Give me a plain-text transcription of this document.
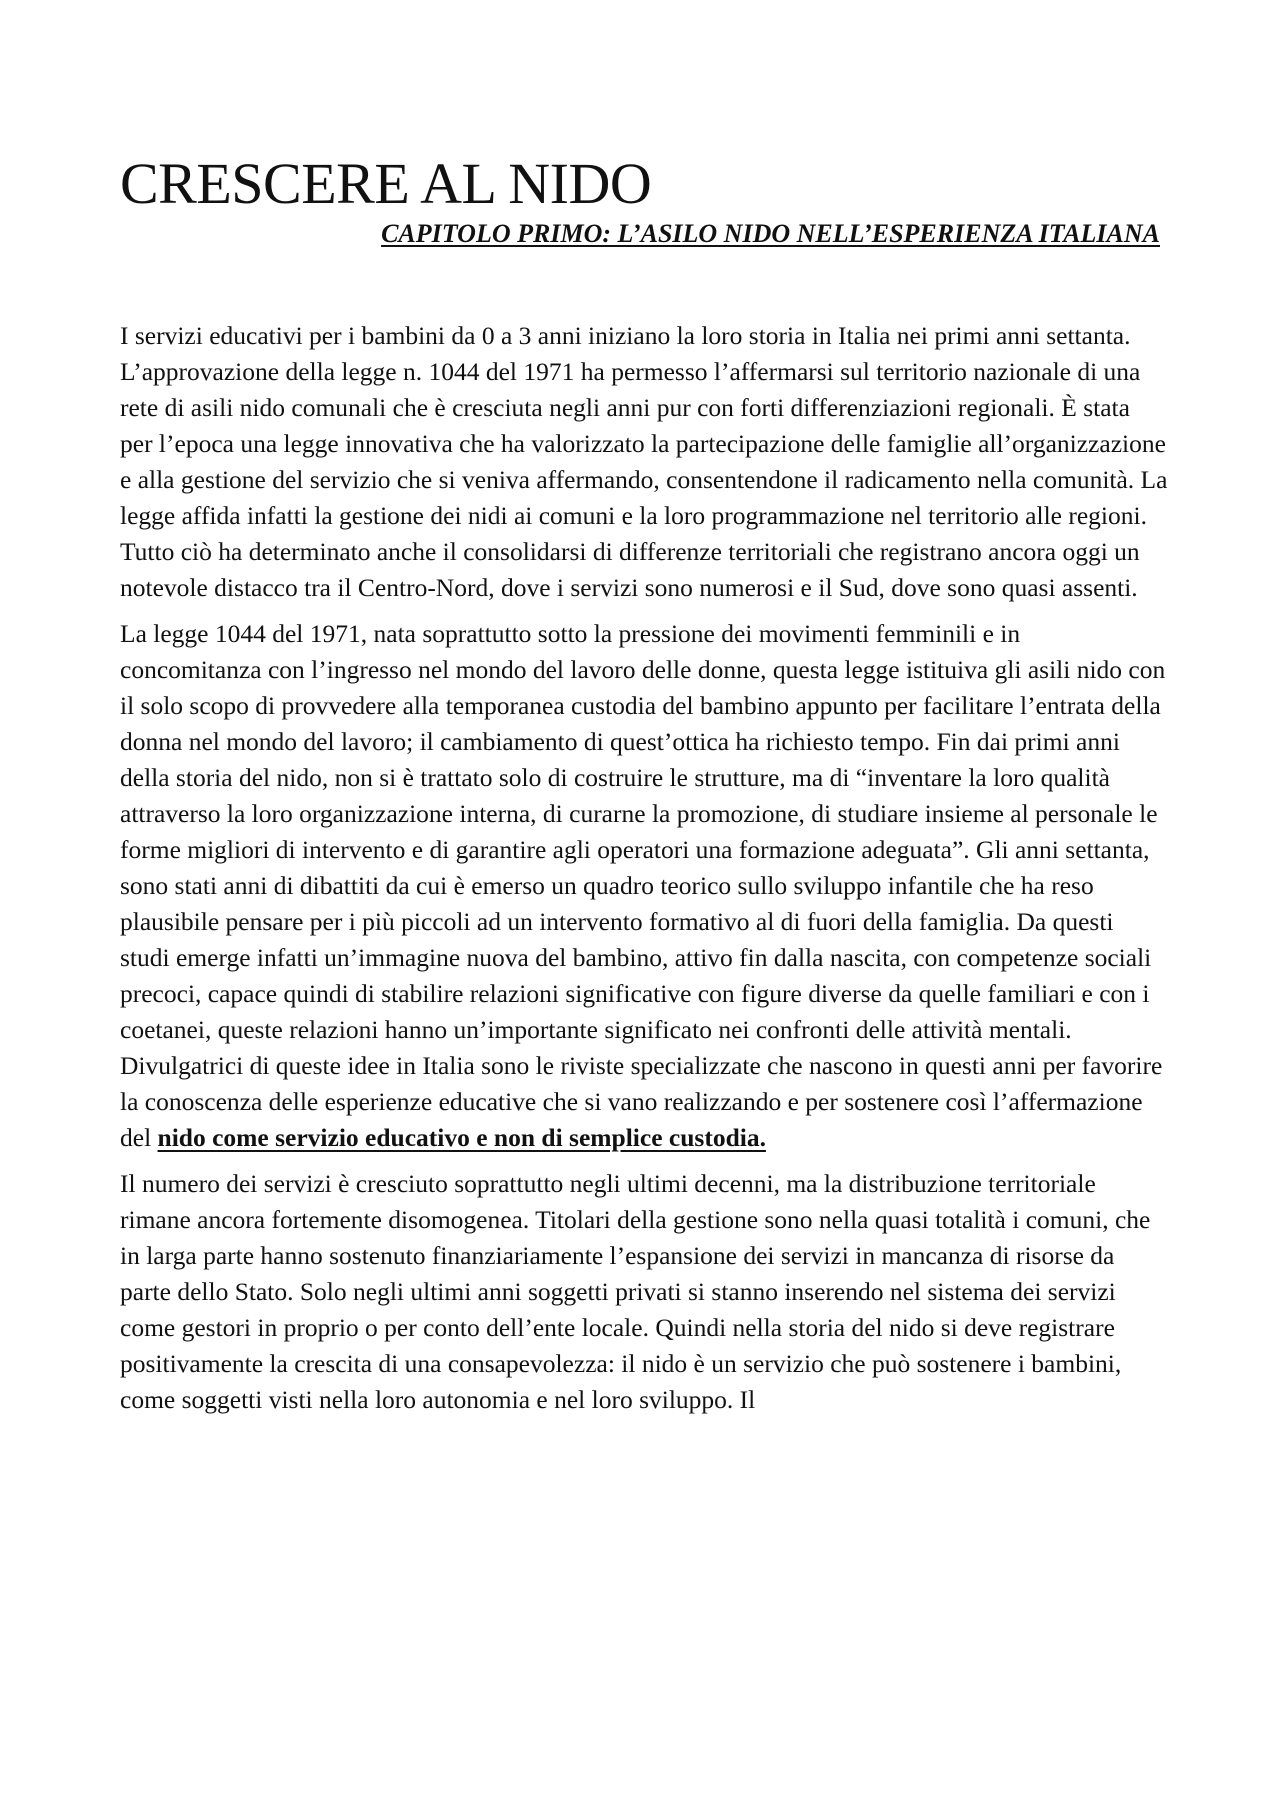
CRESCERE AL NIDO
CAPITOLO PRIMO: L’ASILO NIDO NELL’ESPERIENZA ITALIANA

I servizi educativi per i bambini da 0 a 3 anni iniziano la loro storia in Italia nei primi anni settanta. L’approvazione della legge n. 1044 del 1971 ha permesso l’affermarsi sul territorio nazionale di una rete di asili nido comunali che è cresciuta negli anni pur con forti differenziazioni regionali. È stata per l’epoca una legge innovativa che ha valorizzato la partecipazione delle famiglie all’organizzazione e alla gestione del servizio che si veniva affermando, consentendone il radicamento nella comunità. La legge affida infatti la gestione dei nidi ai comuni e la loro programmazione nel territorio alle regioni. Tutto ciò ha determinato anche il consolidarsi di differenze territoriali che registrano ancora oggi un notevole distacco tra il Centro-Nord, dove i servizi sono numerosi e il Sud, dove sono quasi assenti.

La legge 1044 del 1971, nata soprattutto sotto la pressione dei movimenti femminili e in concomitanza con l’ingresso nel mondo del lavoro delle donne, questa legge istituiva gli asili nido con il solo scopo di provvedere alla temporanea custodia del bambino appunto per facilitare l’entrata della donna nel mondo del lavoro; il cambiamento di quest’ottica ha richiesto tempo. Fin dai primi anni della storia del nido, non si è trattato solo di costruire le strutture, ma di “inventare la loro qualità attraverso la loro organizzazione interna, di curarne la promozione, di studiare insieme al personale le forme migliori di intervento e di garantire agli operatori una formazione adeguata”. Gli anni settanta, sono stati anni di dibattiti da cui è emerso un quadro teorico sullo sviluppo infantile che ha reso plausibile pensare per i più piccoli ad un intervento formativo al di fuori della famiglia. Da questi studi emerge infatti un’immagine nuova del bambino, attivo fin dalla nascita, con competenze sociali precoci, capace quindi di stabilire relazioni significative con figure diverse da quelle familiari e con i coetanei, queste relazioni hanno un’importante significato nei confronti delle attività mentali. Divulgatrici di queste idee in Italia sono le riviste specializzate che nascono in questi anni per favorire la conoscenza delle esperienze educative che si vano realizzando e per sostenere così l’affermazione del nido come servizio educativo e non di semplice custodia.

Il numero dei servizi è cresciuto soprattutto negli ultimi decenni, ma la distribuzione territoriale rimane ancora fortemente disomogenea. Titolari della gestione sono nella quasi totalità i comuni, che in larga parte hanno sostenuto finanziariamente l’espansione dei servizi in mancanza di risorse da parte dello Stato. Solo negli ultimi anni soggetti privati si stanno inserendo nel sistema dei servizi come gestori in proprio o per conto dell’ente locale. Quindi nella storia del nido si deve registrare positivamente la crescita di una consapevolezza: il nido è un servizio che può sostenere i bambini, come soggetti visti nella loro autonomia e nel loro sviluppo. Il
